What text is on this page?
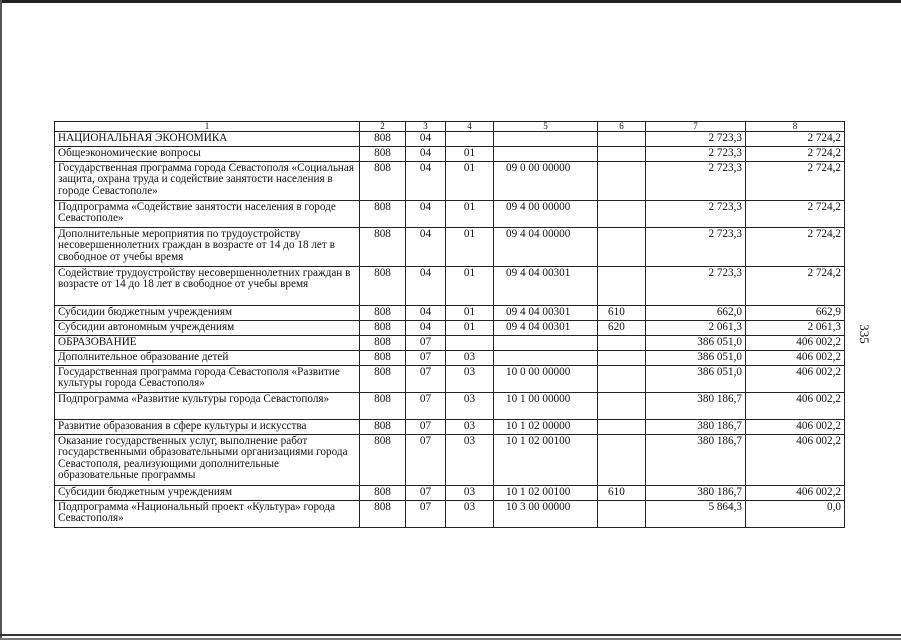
335
1	2	3	4	5	6	7	8
НАЦИОНАЛЬНАЯ ЭКОНОМИКА	808	04				2 723,3	2 724,2
Общеэкономические вопросы	808	04	01			2 723,3	2 724,2
Государственная программа города Севастополя «Социальная защита, охрана труда и содействие занятости населения в городе Севастополе»	808	04	01	09 0 00 00000		2 723,3	2 724,2
Подпрограмма «Содействие занятости населения в городе Севастополе»	808	04	01	09 4 00 00000		2 723,3	2 724,2
Дополнительные мероприятия по трудоустройству несовершеннолетних граждан в возрасте от 14 до 18 лет в свободное от учебы время	808	04	01	09 4 04 00000		2 723,3	2 724,2
Содействие трудоустройству несовершеннолетних граждан в возрасте от 14 до 18 лет в свободное от учебы время	808	04	01	09 4 04 00301		2 723,3	2 724,2
Субсидии бюджетным учреждениям	808	04	01	09 4 04 00301	610	662,0	662,9
Субсидии автономным учреждениям	808	04	01	09 4 04 00301	620	2 061,3	2 061,3
ОБРАЗОВАНИЕ	808	07				386 051,0	406 002,2
Дополнительное образование детей	808	07	03			386 051,0	406 002,2
Государственная программа города Севастополя «Развитие культуры города Севастополя»	808	07	03	10 0 00 00000		386 051,0	406 002,2
Подпрограмма «Развитие культуры города Севастополя»	808	07	03	10 1 00 00000		380 186,7	406 002,2
Развитие образования в сфере культуры и искусства	808	07	03	10 1 02 00000		380 186,7	406 002,2
Оказание государственных услуг, выполнение работ государственными образовательными организациями города Севастополя, реализующими дополнительные образовательные программы	808	07	03	10 1 02 00100		380 186,7	406 002,2
Субсидии бюджетным учреждениям	808	07	03	10 1 02 00100	610	380 186,7	406 002,2
Подпрограмма «Национальный проект «Культура» города Севастополя»	808	07	03	10 3 00 00000		5 864,3	0,0
